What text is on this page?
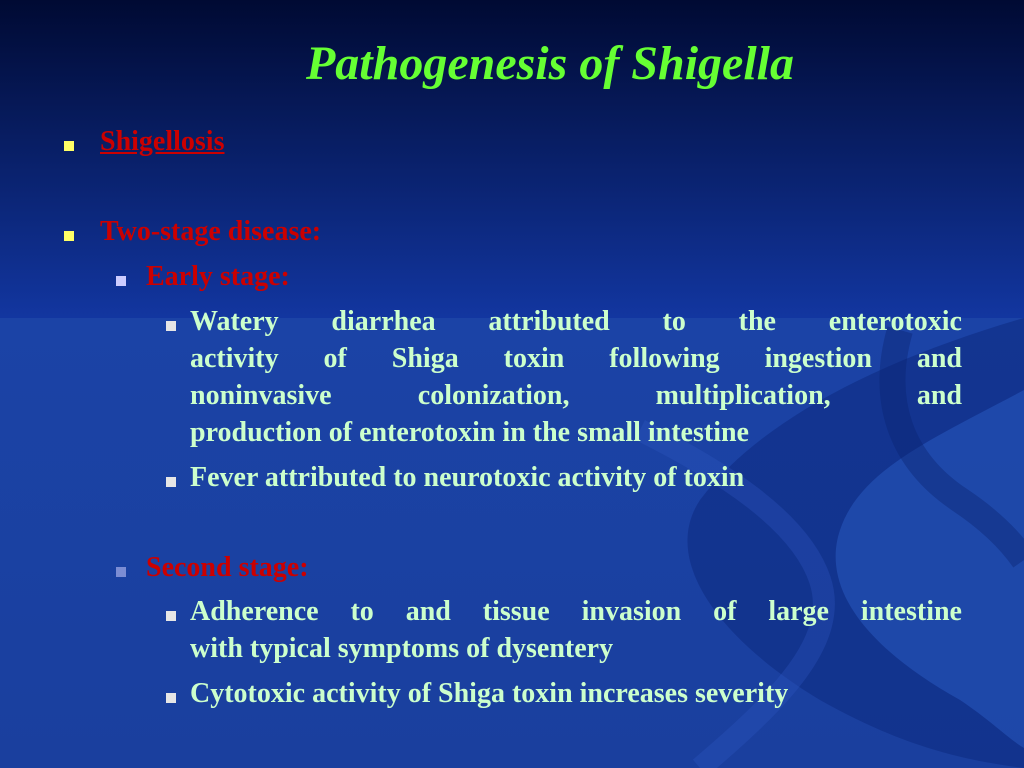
Pathogenesis of Shigella
Shigellosis
Two-stage disease:
Early stage:
Watery diarrhea attributed to the enterotoxic
activity of Shiga toxin following ingestion and
noninvasive colonization, multiplication, and
production of enterotoxin in the small intestine
Fever attributed to neurotoxic activity of toxin
Second stage:
Adherence to and tissue invasion of large intestine
with typical symptoms of dysentery
Cytotoxic activity of Shiga toxin increases severity
